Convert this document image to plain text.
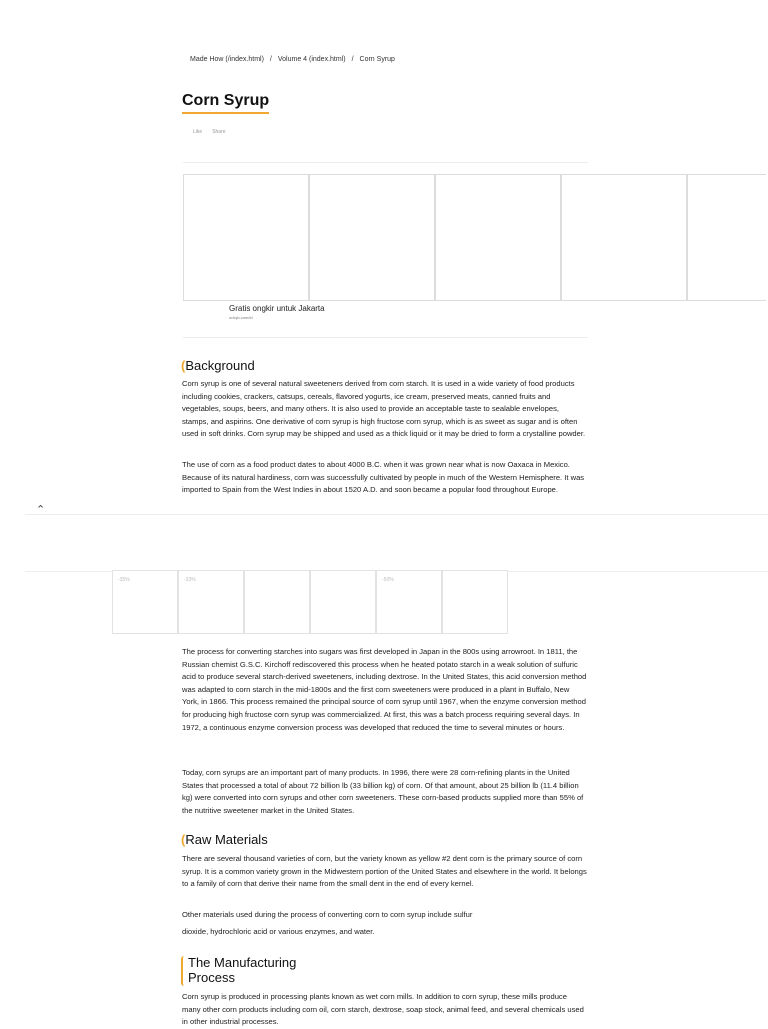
Made How (/index.html) / Volume 4 (index.html) / Corn Syrup
Corn Syrup
Like Share
Gratis ongkir untuk Jakarta
uniqlo.com/id
(Background

Corn syrup is one of several natural sweeteners derived from corn starch. It is used in a wide variety of food products including cookies, crackers, catsups, cereals, flavored yogurts, ice cream, preserved meats, canned fruits and vegetables, soups, beers, and many others. It is also used to provide an acceptable taste to sealable envelopes, stamps, and aspirins. One derivative of corn syrup is high fructose corn syrup, which is as sweet as sugar and is often used in soft drinks. Corn syrup may be shipped and used as a thick liquid or it may be dried to form a crystalline powder.

The use of corn as a food product dates to about 4000 B.C. when it was grown near what is now Oaxaca in Mexico. Because of its natural hardiness, corn was successfully cultivated by people in much of the Western Hemisphere. It was imported to Spain from the West Indies in about 1520 A.D. and soon became a popular food throughout Europe.

⌃
-35%	-33%	-50%

The process for converting starches into sugars was first developed in Japan in the 800s using arrowroot. In 1811, the Russian chemist G.S.C. Kirchoff rediscovered this process when he heated potato starch in a weak solution of sulfuric acid to produce several starch-derived sweeteners, including dextrose. In the United States, this acid conversion method was adapted to corn starch in the mid-1800s and the first corn sweeteners were produced in a plant in Buffalo, New York, in 1866. This process remained the principal source of corn syrup until 1967, when the enzyme conversion method for producing high fructose corn syrup was commercialized. At first, this was a batch process requiring several days. In 1972, a continuous enzyme conversion process was developed that reduced the time to several minutes or hours.

Today, corn syrups are an important part of many products. In 1996, there were 28 corn-refining plants in the United States that processed a total of about 72 billion lb (33 billion kg) of corn. Of that amount, about 25 billion lb (11.4 billion kg) were converted into corn syrups and other corn sweeteners. These corn-based products supplied more than 55% of the nutritive sweetener market in the United States.

(Raw Materials

There are several thousand varieties of corn, but the variety known as yellow #2 dent corn is the primary source of corn syrup. It is a common variety grown in the Midwestern portion of the United States and elsewhere in the world. It belongs to a family of corn that derive their name from the small dent in the end of every kernel.

Other materials used during the process of converting corn to corn syrup include sulfur

dioxide, hydrochloric acid or various enzymes, and water.

The Manufacturing
Process

Corn syrup is produced in processing plants known as wet corn mills. In addition to corn syrup, these mills produce many other corn products including corn oil, corn starch, dextrose, soap stock, animal feed, and several chemicals used in other industrial processes.
